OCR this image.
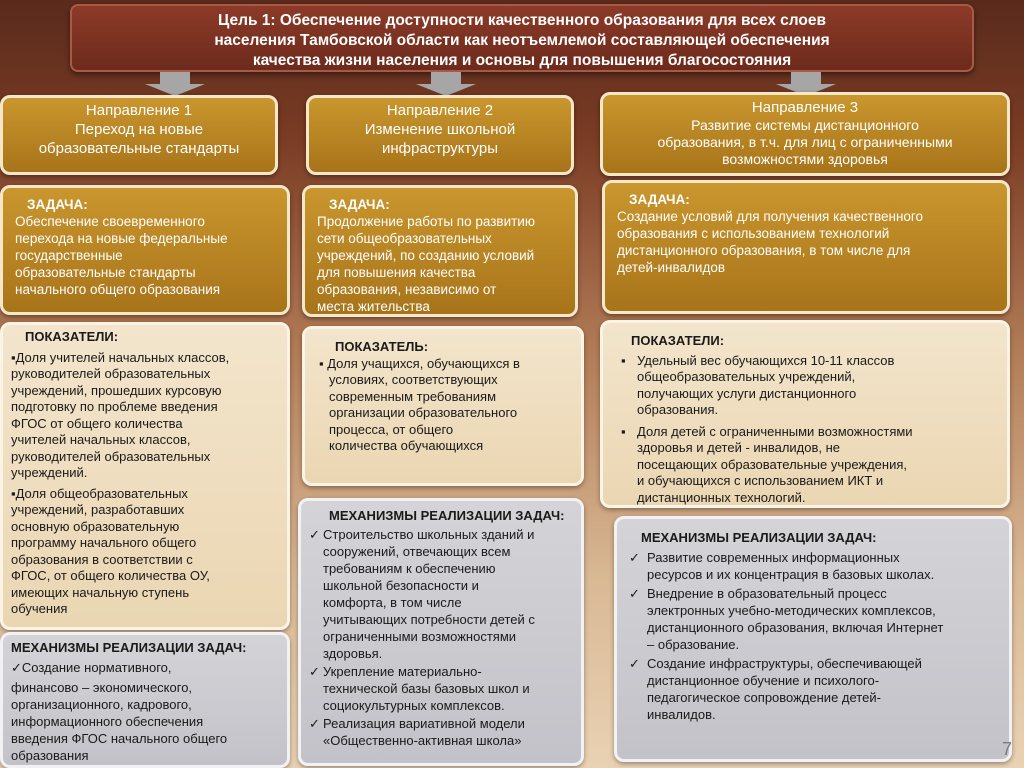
Цель 1: Обеспечение доступности качественного образования для всех слоев
населения Тамбовской области как неотъемлемой составляющей обеспечения
качества жизни населения и основы для повышения благосостояния
Направление 1
Переход на новые
образовательные стандарты
ЗАДАЧА:
Обеспечение своевременного
перехода на новые федеральные
государственные
образовательные стандарты
начального общего образования
ПОКАЗАТЕЛИ:
▪Доля учителей начальных классов,
руководителей образовательных
учреждений, прошедших курсовую
подготовку по проблеме введения
ФГОС от общего количества
учителей начальных классов,
руководителей образовательных
учреждений.
▪Доля общеобразовательных
учреждений, разработавших
основную образовательную
программу начального общего
образования в соответствии с
ФГОС, от общего количества ОУ,
имеющих начальную ступень
обучения
МЕХАНИЗМЫ РЕАЛИЗАЦИИ ЗАДАЧ:
✓Создание нормативного,
финансово – экономического,
организационного, кадрового,
информационного обеспечения
введения ФГОС начального общего
образования
Направление 2
Изменение школьной
инфраструктуры
ЗАДАЧА:
Продолжение работы по развитию
сети общеобразовательных
учреждений, по созданию условий
для повышения качества
образования, независимо от
места жительства
ПОКАЗАТЕЛЬ:
▪ Доля учащихся, обучающихся в
условиях, соответствующих
современным требованиям
организации образовательного
процесса, от общего
количества обучающихся
МЕХАНИЗМЫ РЕАЛИЗАЦИИ ЗАДАЧ:
✓ Строительство школьных зданий и
сооружений, отвечающих всем
требованиям к обеспечению
школьной безопасности и
комфорта, в том числе
учитывающих потребности детей с
ограниченными возможностями
здоровья.
✓ Укрепление материально-
технической базы базовых школ и
социокультурных комплексов.
✓ Реализация вариативной модели
«Общественно-активная школа»
Направление 3
Развитие системы дистанционного
образования, в т.ч. для лиц с ограниченными
возможностями здоровья
ЗАДАЧА:
Создание условий для получения качественного
образования с использованием технологий
дистанционного образования, в том числе для
детей-инвалидов
ПОКАЗАТЕЛИ:
▪ Удельный вес обучающихся 10-11 классов
общеобразовательных учреждений,
получающих услуги дистанционного
образования.
▪ Доля детей с ограниченными возможностями
здоровья и детей - инвалидов, не
посещающих образовательные учреждения,
и обучающихся с использованием ИКТ и
дистанционных технологий.
МЕХАНИЗМЫ РЕАЛИЗАЦИИ ЗАДАЧ:
✓ Развитие современных информационных
ресурсов и их концентрация в базовых школах.
✓ Внедрение в образовательный процесс
электронных учебно-методических комплексов,
дистанционного образования, включая Интернет
– образование.
✓ Создание инфраструктуры, обеспечивающей
дистанционное обучение и психолого-
педагогическое сопровождение детей-
инвалидов.
7
